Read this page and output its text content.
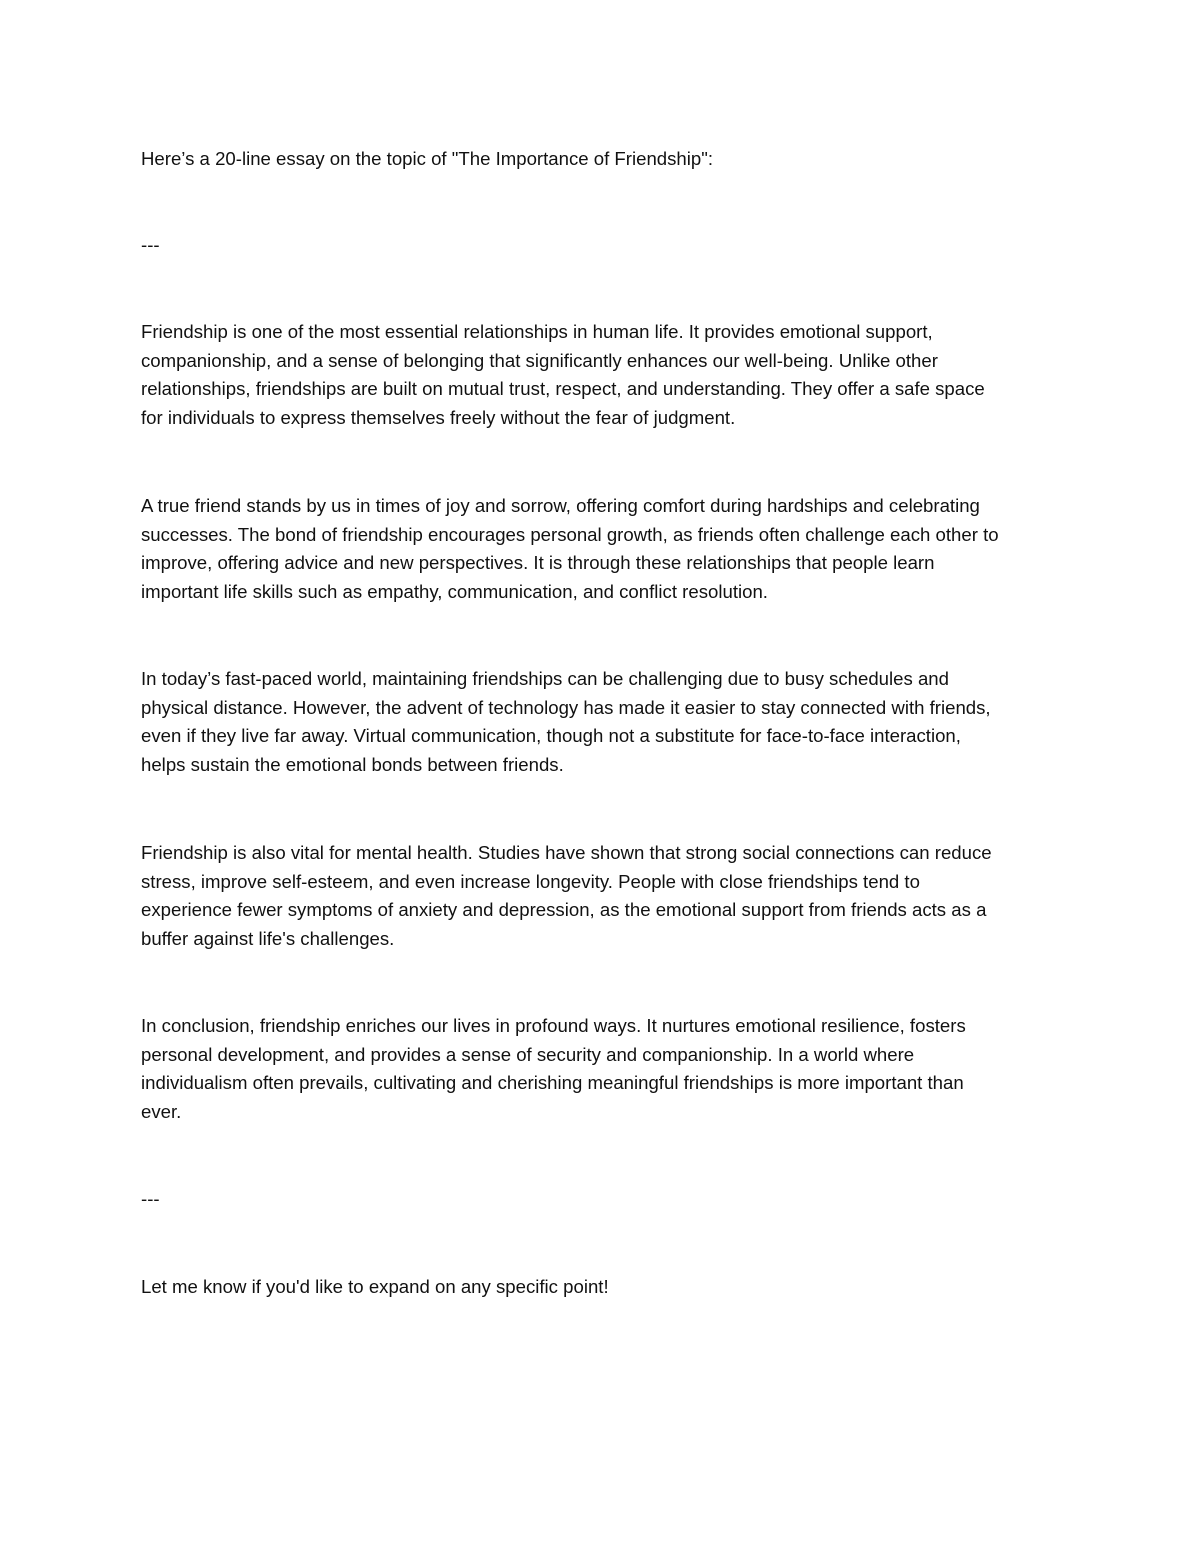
Here’s a 20-line essay on the topic of "The Importance of Friendship":

---

Friendship is one of the most essential relationships in human life. It provides emotional support,
companionship, and a sense of belonging that significantly enhances our well-being. Unlike other
relationships, friendships are built on mutual trust, respect, and understanding. They offer a safe space
for individuals to express themselves freely without the fear of judgment.

A true friend stands by us in times of joy and sorrow, offering comfort during hardships and celebrating
successes. The bond of friendship encourages personal growth, as friends often challenge each other to
improve, offering advice and new perspectives. It is through these relationships that people learn
important life skills such as empathy, communication, and conflict resolution.

In today’s fast-paced world, maintaining friendships can be challenging due to busy schedules and
physical distance. However, the advent of technology has made it easier to stay connected with friends,
even if they live far away. Virtual communication, though not a substitute for face-to-face interaction,
helps sustain the emotional bonds between friends.

Friendship is also vital for mental health. Studies have shown that strong social connections can reduce
stress, improve self-esteem, and even increase longevity. People with close friendships tend to
experience fewer symptoms of anxiety and depression, as the emotional support from friends acts as a
buffer against life's challenges.

In conclusion, friendship enriches our lives in profound ways. It nurtures emotional resilience, fosters
personal development, and provides a sense of security and companionship. In a world where
individualism often prevails, cultivating and cherishing meaningful friendships is more important than
ever.

---

Let me know if you'd like to expand on any specific point!
